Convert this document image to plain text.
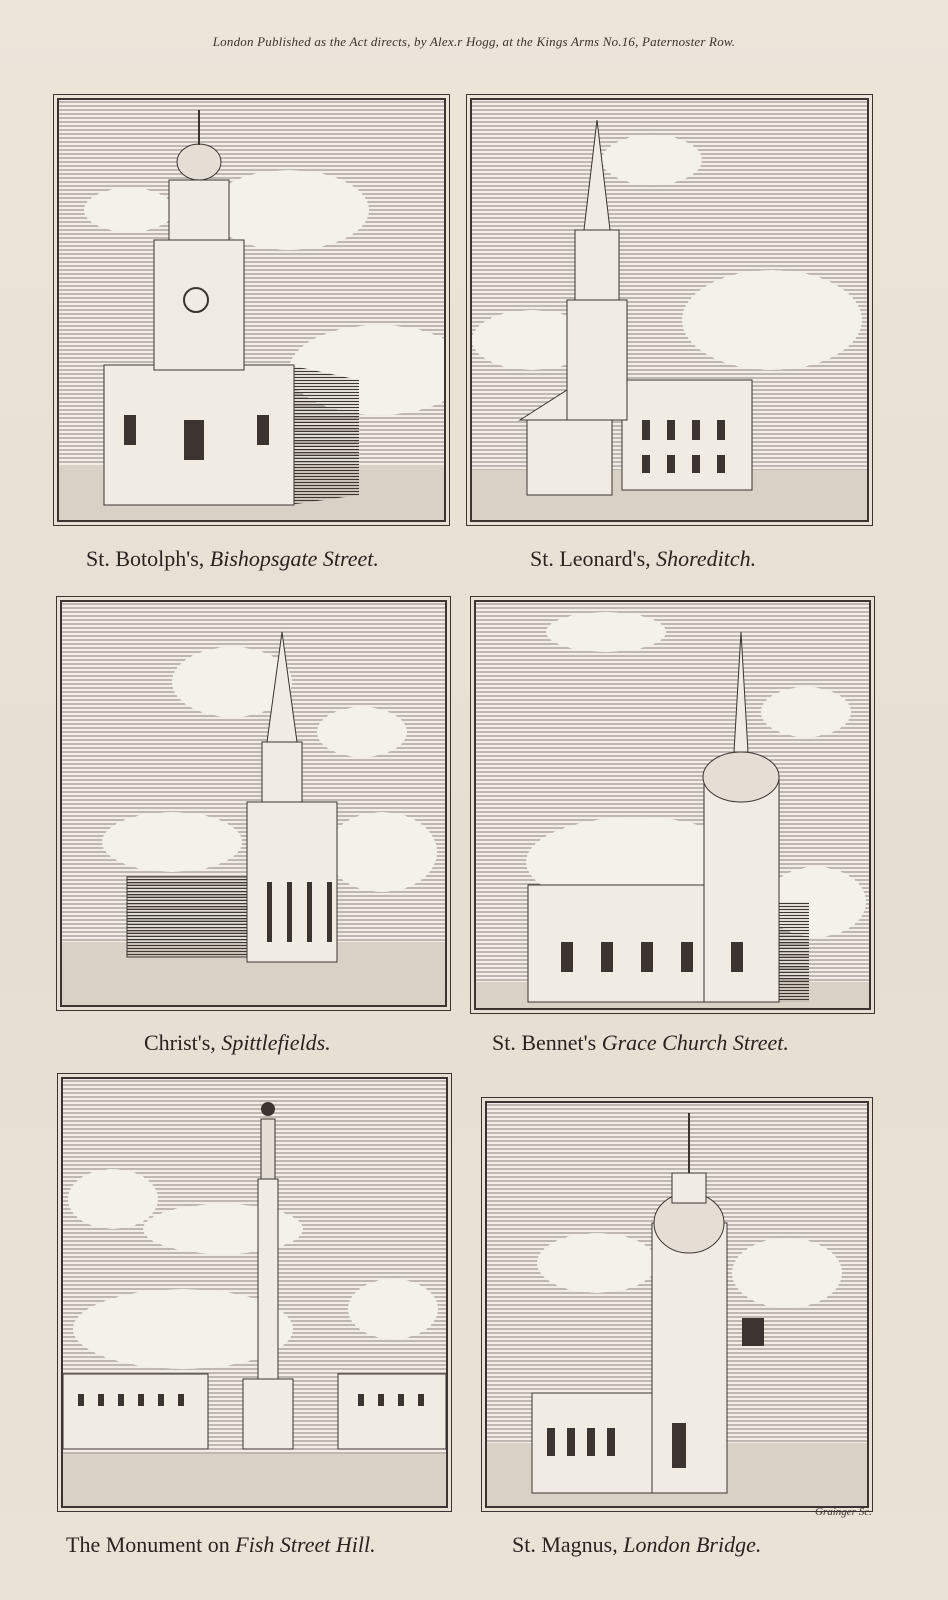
London Published as the Act directs, by Alex.r Hogg, at the Kings Arms No.16, Paternoster Row.
St. Botolph's, Bishopsgate Street.	St. Leonard's, Shoreditch.
Christ's, Spittlefields.	St. Bennet's Grace Church Street.
The Monument on Fish Street Hill.
Grainger Sc.
St. Magnus, London Bridge.
